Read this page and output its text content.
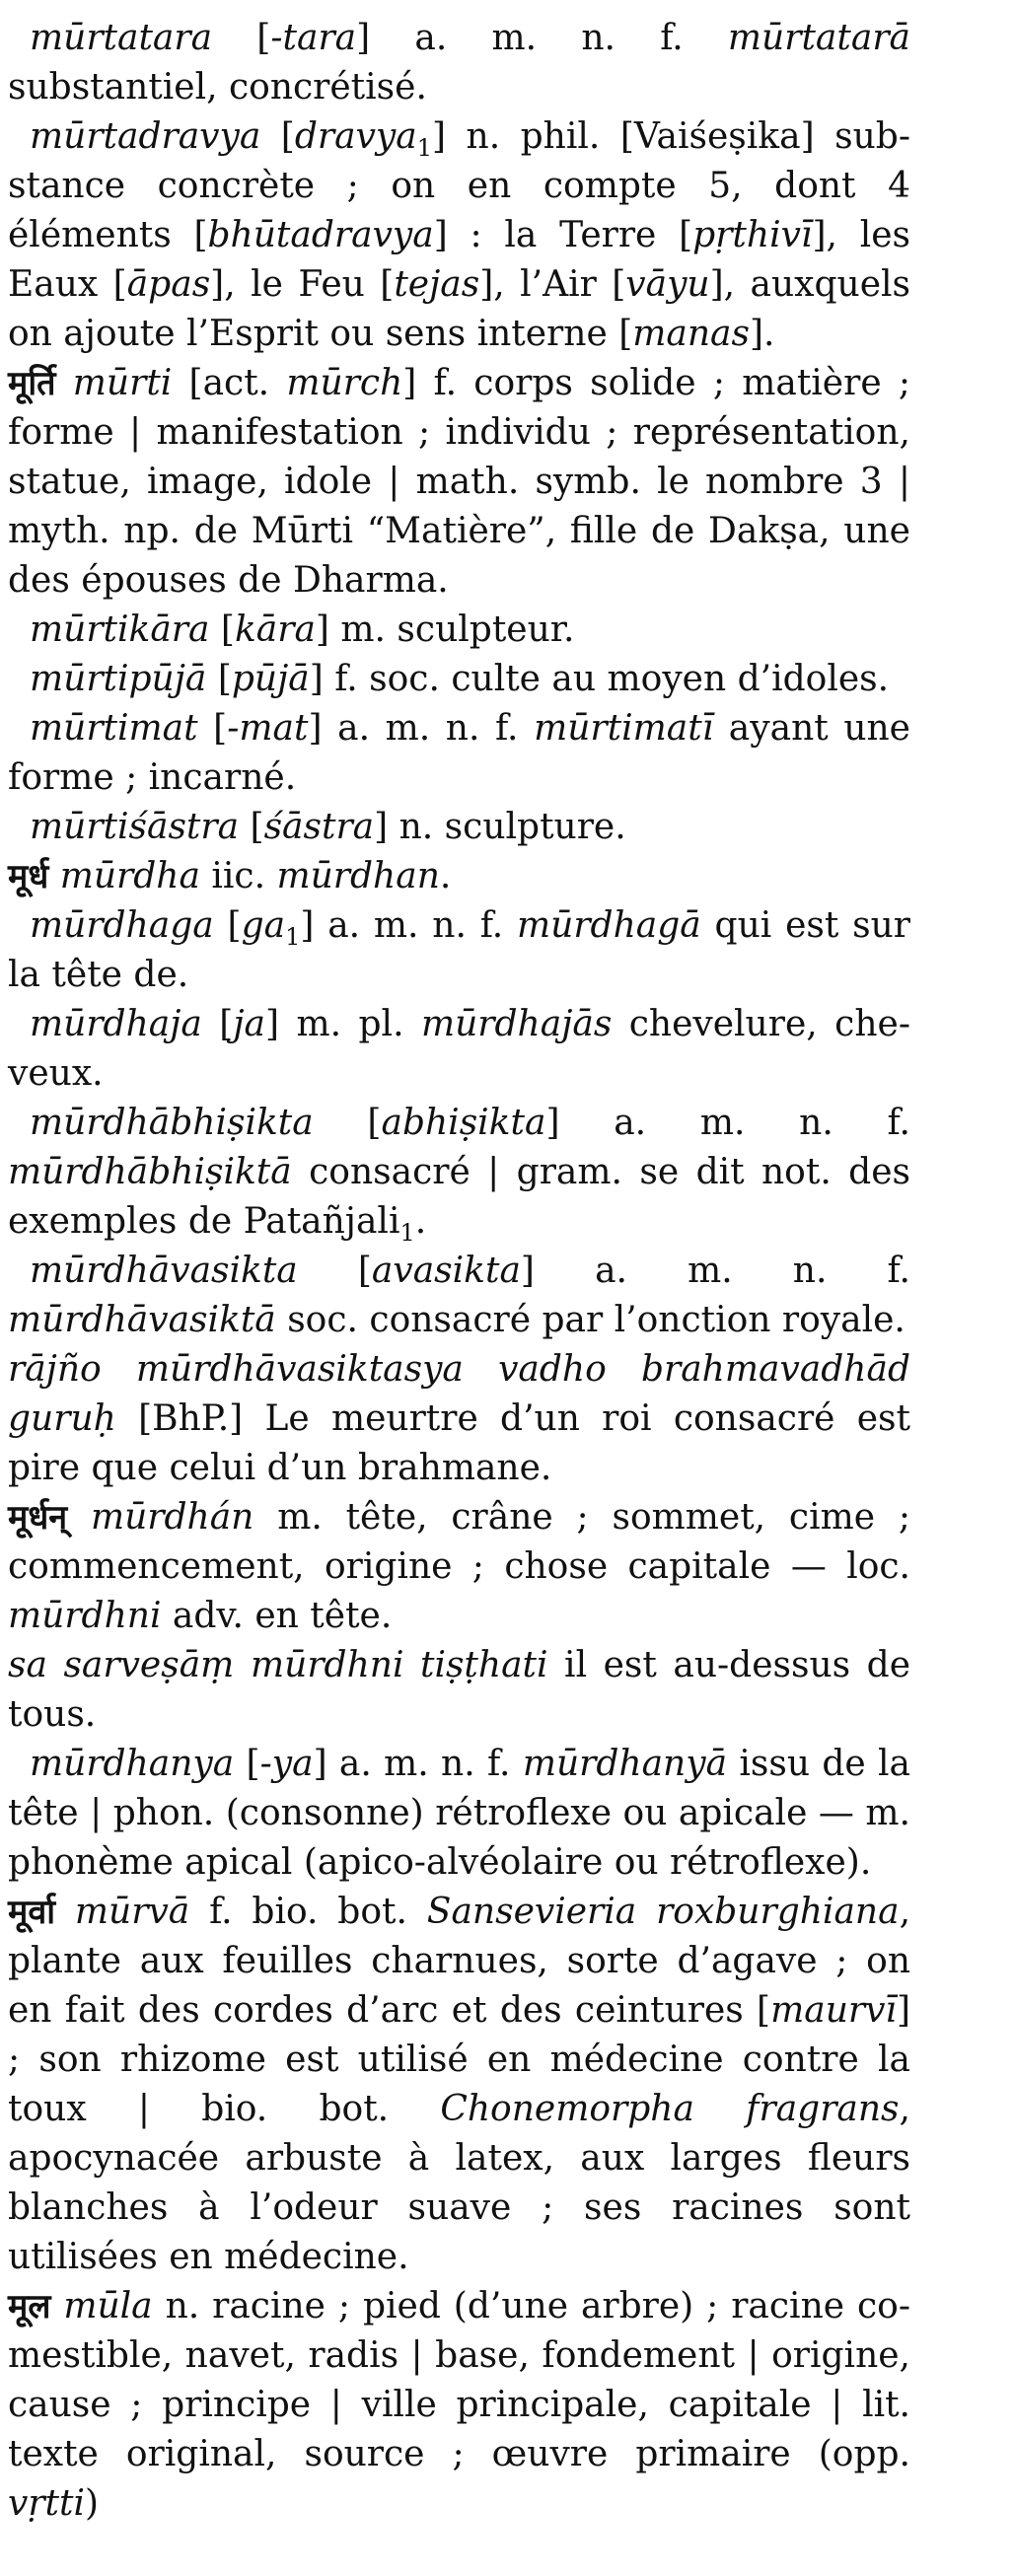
mūrtatara [-tara] a. m. n. f. mūrtatarā substantiel, concrétisé.

mūrtadravya [dravya$_1$] n. phil. [Vaiśeṣika] substance concrète ; on en compte 5, dont 4 éléments [bhūtadravya] : la Terre [pṛthivī], les Eaux [āpas], le Feu [tejas], l’Air [vāyu], auxquels on ajoute l’Esprit ou sens interne [manas].

मूर्ति mūrti [act. mūrch] f. corps solide ; matière ; forme | manifestation ; individu ; représentation, statue, image, idole | math. symb. le nombre 3 | myth. np. de Mūrti “Matière”, fille de Dakṣa, une des épouses de Dharma.

mūrtikāra [kāra] m. sculpteur.

mūrtipūjā [pūjā] f. soc. culte au moyen d’idoles.

mūrtimat [-mat] a. m. n. f. mūrtimatī ayant une forme ; incarné.

mūrtiśāstra [śāstra] n. sculpture.

मूर्ध mūrdha iic. mūrdhan.

mūrdhaga $[ga_1]$ a. m. n. f. mūrdhagā qui est sur la tête de.

mūrdhaja [ja] m. pl. mūrdhajās chevelure, cheveux.

mūrdhābhiṣikta [abhiṣikta] a. m. n. f. mūrdhābhiṣiktā consacré | gram. se dit not. des exemples de Patañjali$_1$.

mūrdhāvasikta [avasikta] a. m. n. f. mūrdhāvasiktā soc. consacré par l’onction royale.

rājño mūrdhāvasiktasya vadho brahmavadhād guruḥ [BhP.] Le meurtre d’un roi consacré est pire que celui d’un brahmane.

मूर्धन् mūrdhán m. tête, crâne ; sommet, cime ; commencement, origine ; chose capitale — loc. mūrdhni adv. en tête.

sa sarveṣāṃ mūrdhni tiṣṭhati il est au-dessus de tous.

mūrdhanya [-ya] a. m. n. f. mūrdhanyā issu de la tête | phon. (consonne) rétroflexe ou apicale — m. phonème apical (apico-alvéolaire ou rétroflexe).

मूर्वा mūrvā f. bio. bot. Sansevieria roxburghiana, plante aux feuilles charnues, sorte d’agave ; on en fait des cordes d’arc et des ceintures [maurvī] ; son rhizome est utilisé en médecine contre la toux | bio. bot. Chonemorpha fragrans, apocynacée arbuste à latex, aux larges fleurs blanches à l’odeur suave ; ses racines sont utilisées en médecine.

मूल mūla n. racine ; pied (d’une arbre) ; racine comestible, navet, radis | base, fondement | origine, cause ; principe | ville principale, capitale | lit. texte original, source ; œuvre primaire (opp. vṛtti)
